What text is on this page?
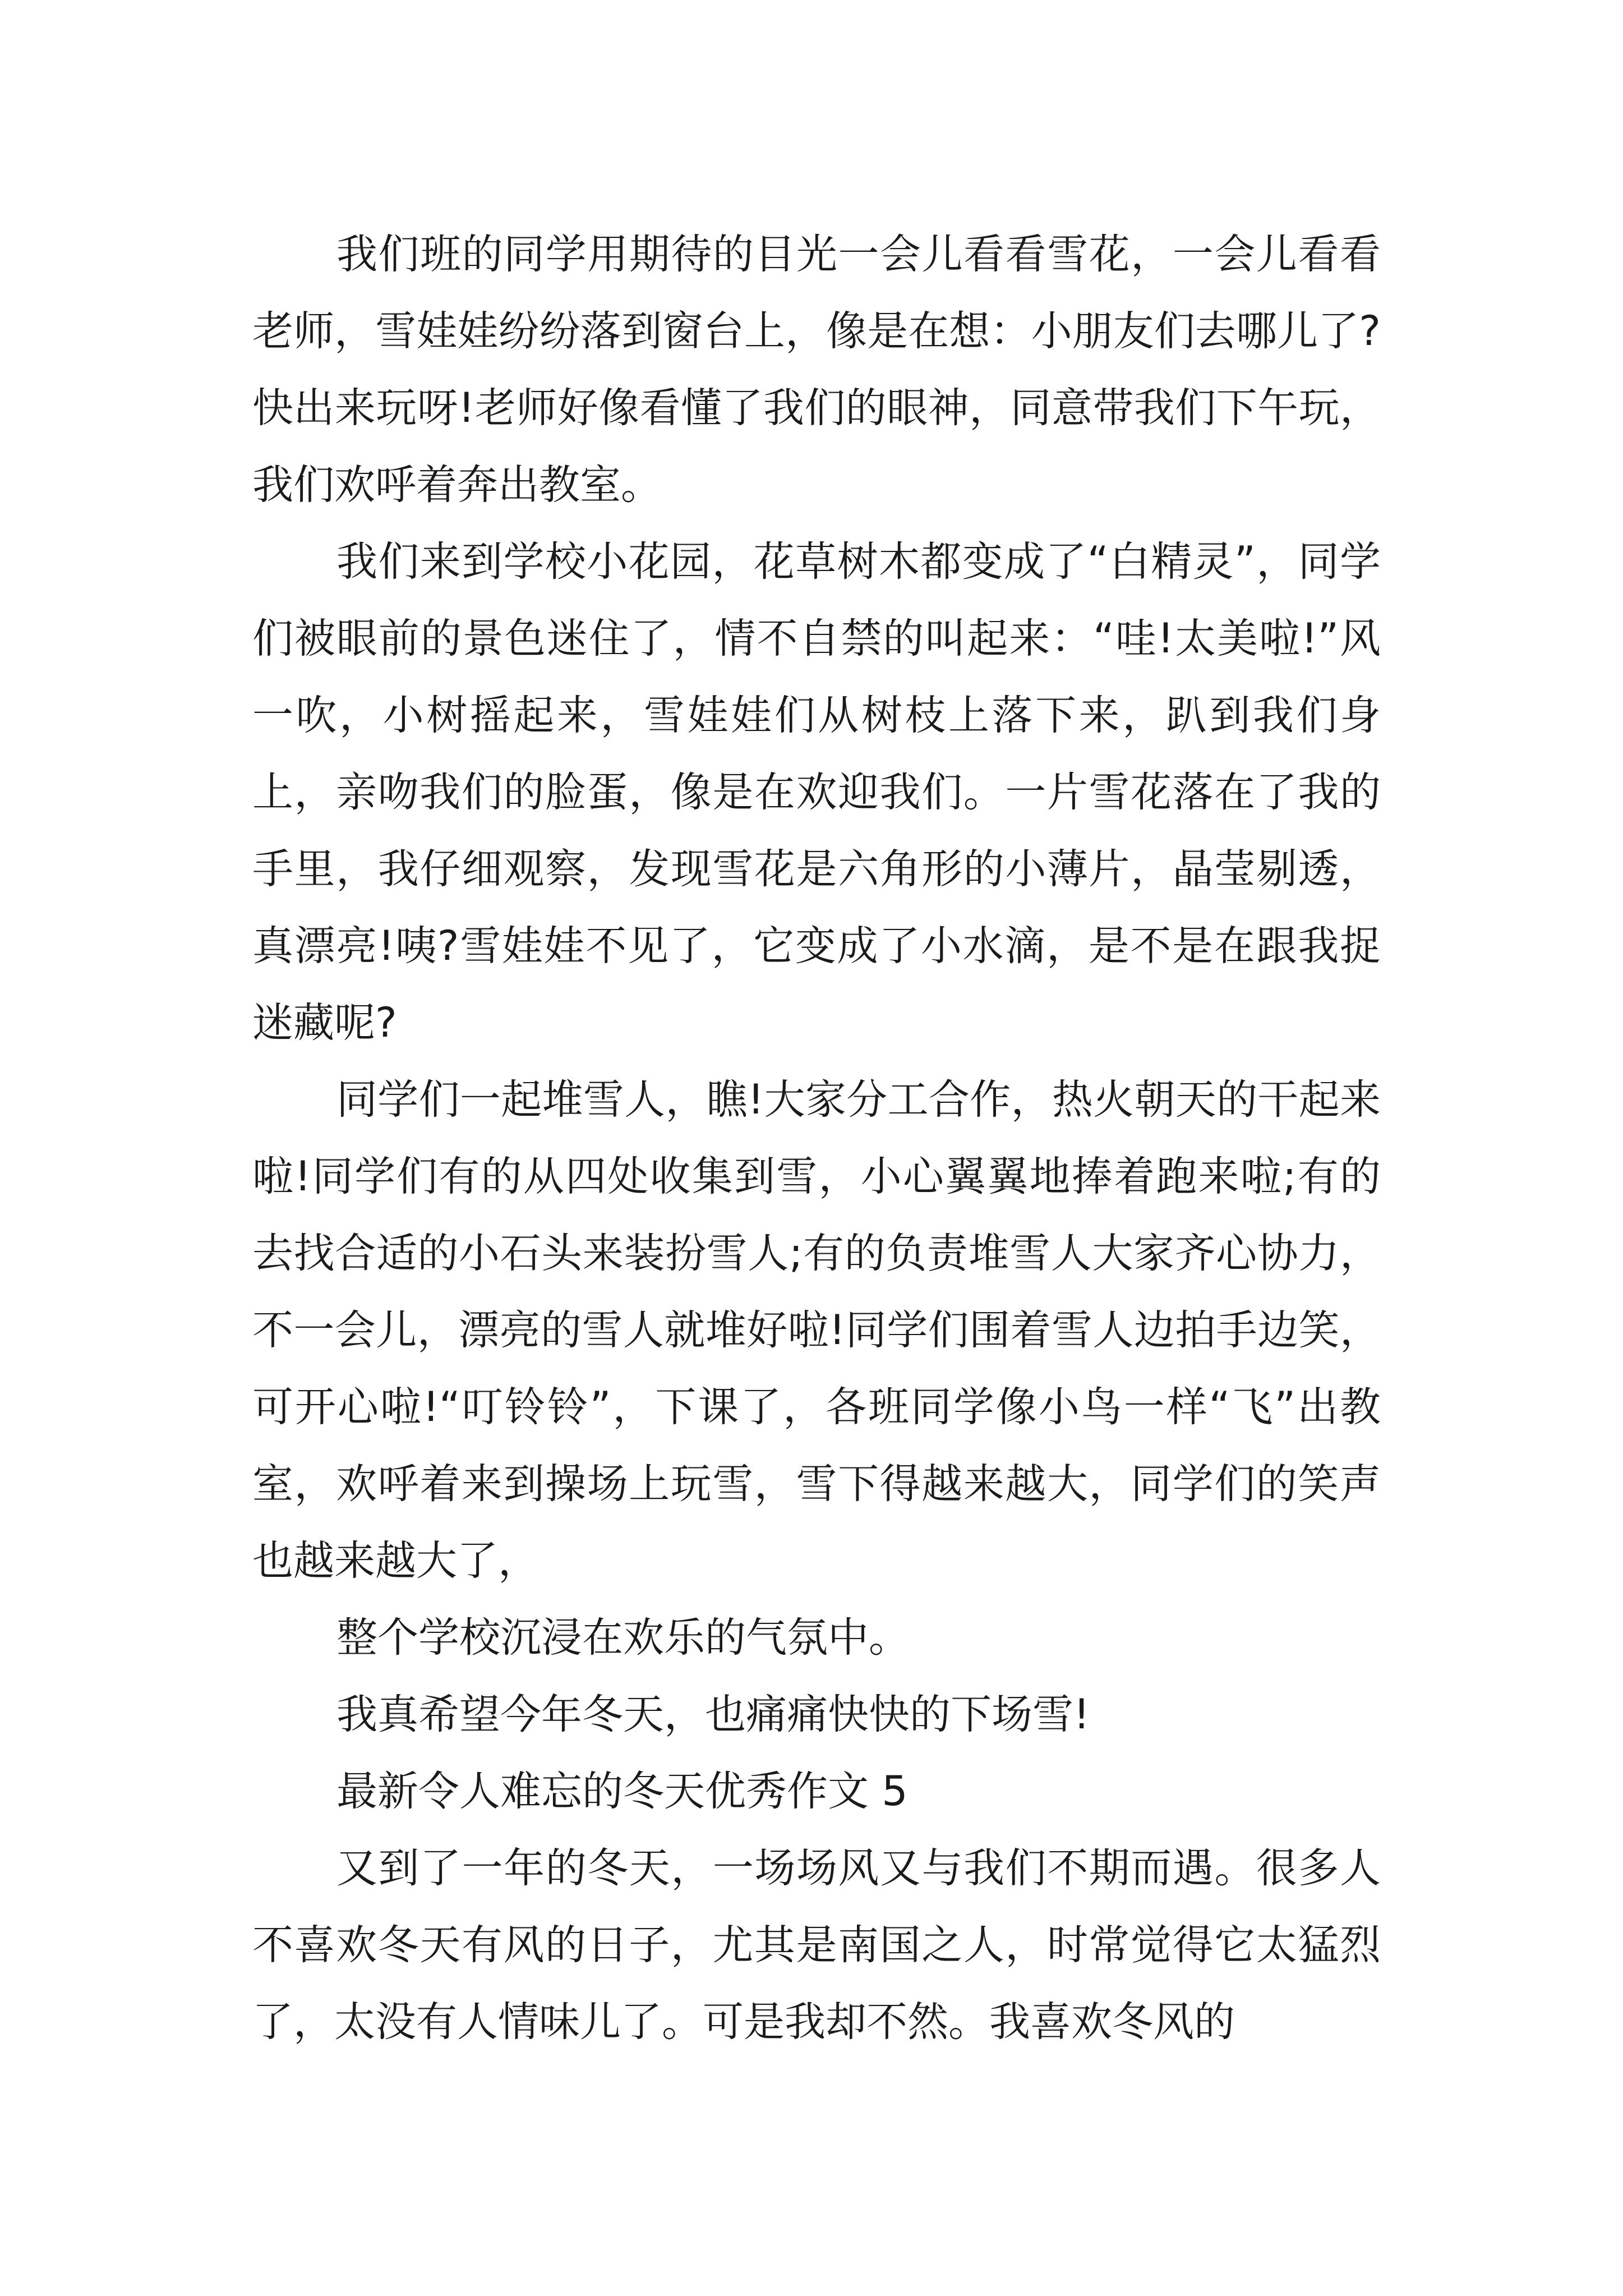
我们班的同学用期待的目光一会儿看看雪花，一会儿看看老师，雪娃娃纷纷落到窗台上，像是在想：小朋友们去哪儿了?快出来玩呀!老师好像看懂了我们的眼神，同意带我们下午玩，我们欢呼着奔出教室。

我们来到学校小花园，花草树木都变成了“白精灵”，同学们被眼前的景色迷住了，情不自禁的叫起来：“哇!太美啦!”风一吹，小树摇起来，雪娃娃们从树枝上落下来，趴到我们身上，亲吻我们的脸蛋，像是在欢迎我们。一片雪花落在了我的手里，我仔细观察，发现雪花是六角形的小薄片，晶莹剔透，真漂亮!咦?雪娃娃不见了，它变成了小水滴，是不是在跟我捉迷藏呢?

同学们一起堆雪人，瞧!大家分工合作，热火朝天的干起来啦!同学们有的从四处收集到雪，小心翼翼地捧着跑来啦;有的去找合适的小石头来装扮雪人;有的负责堆雪人大家齐心协力，不一会儿，漂亮的雪人就堆好啦!同学们围着雪人边拍手边笑，可开心啦!“叮铃铃”，下课了，各班同学像小鸟一样“飞”出教室，欢呼着来到操场上玩雪，雪下得越来越大，同学们的笑声也越来越大了，

整个学校沉浸在欢乐的气氛中。

我真希望今年冬天，也痛痛快快的下场雪!

最新令人难忘的冬天优秀作文 5

又到了一年的冬天，一场场风又与我们不期而遇。很多人不喜欢冬天有风的日子，尤其是南国之人，时常觉得它太猛烈了，太没有人情味儿了。可是我却不然。我喜欢冬风的
